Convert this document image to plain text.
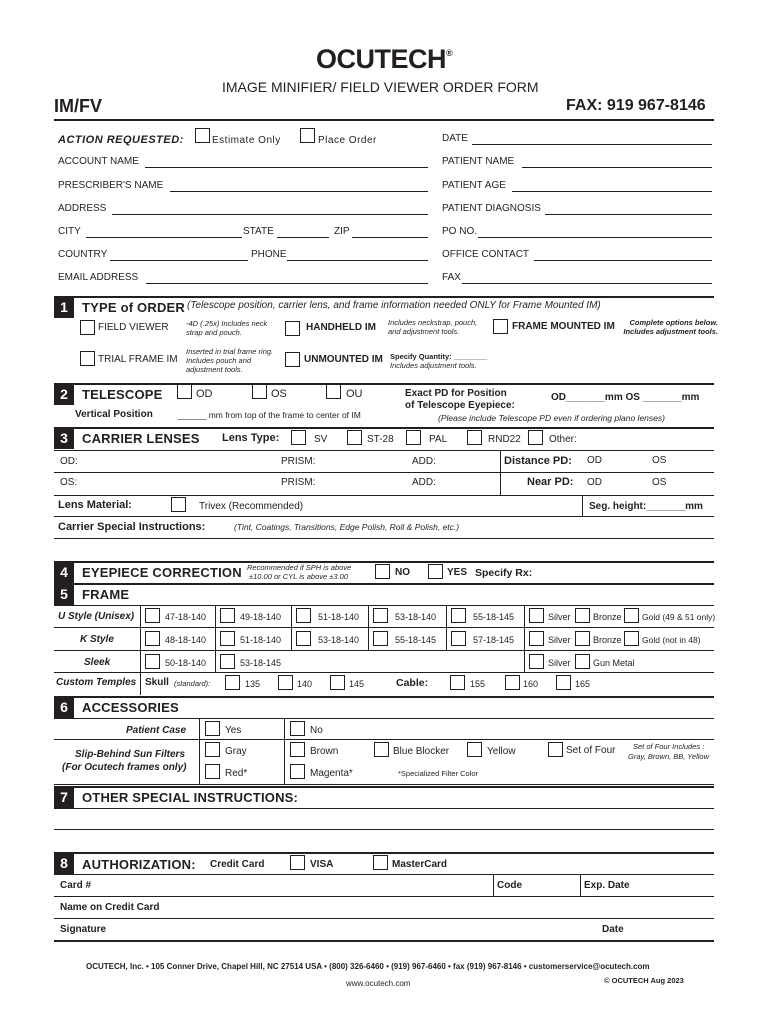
OCUTECH®
IMAGE MINIFIER/ FIELD VIEWER ORDER FORM
IM/FV	FAX: 919 967-8146
ACTION REQUESTED:	Estimate Only	Place Order	DATE
ACCOUNT NAME	PATIENT NAME
PRESCRIBER'S NAME	PATIENT AGE
ADDRESS	PATIENT DIAGNOSIS
CITY	STATE	ZIP	PO NO.
COUNTRY	PHONE	OFFICE CONTACT
EMAIL ADDRESS	FAX
1	TYPE of ORDER (Telescope position, carrier lens, and frame information needed ONLY for Frame Mounted IM)
FIELD VIEWER -4D (.25x) Includes neck strap and pouch.	HANDHELD IM Includes neckstrap, pouch, and adjustment tools.	FRAME MOUNTED IM	Complete options below. Includes adjustment tools.
TRIAL FRAME IM
Inserted in trial frame ring. Includes pouch and adjustment tools.
UNMOUNTED IM Specify Quantity: ________
Includes adjustment tools.
2	TELESCOPE	OD	OS	OU	Exact PD for Position
of Telescope Eyepiece:
OD_______mm OS _______mm
Vertical Position	______ mm from top of the frame to center of IM	(Please include Telescope PD even if ordering plano lenses)
3	CARRIER LENSES Lens Type:	SV	ST-28	PAL	RND22	Other:
OD:	PRISM:	ADD:	Distance PD: OD	OS
OS:	PRISM:	ADD:	Near PD: OD	OS
Lens Material:	Trivex (Recommended)	Seg. height:_______mm
Carrier Special Instructions:	(Tint, Coatings, Transitions, Edge Polish, Roll & Polish, etc.)
4	EYEPIECE CORRECTION Recommended if SPH is above
±10.00 or CYL is above ±3.00	NO	YES Specify Rx:
5	FRAME
U Style (Unisex)	47-18-140	49-18-140	51-18-140	53-18-140	55-18-145	Silver Bronze Gold (49 & 51 only)
K Style	48-18-140	51-18-140	53-18-140	55-18-145	57-18-145	Silver Bronze Gold (not in 48)
Sleek	50-18-140	53-18-145	Silver Gun Metal
Custom Temples Skull (standard):	135	140	145	Cable:	155	160	165
6	ACCESSORIES
Patient Case	Yes	No
Slip-Behind Sun Filters
(For Ocutech frames only)
Gray	Brown	Blue Blocker	Yellow	Set of Four Set of Four Includes :
Gray, Brown, BB, Yellow
Red*	Magenta*	*Specialized Filter Color
7	OTHER SPECIAL INSTRUCTIONS:
8	AUTHORIZATION: Credit Card	VISA	MasterCard
Card #	Code	Exp. Date
Name on Credit Card
Signature	Date
OCUTECH, Inc. • 105 Conner Drive, Chapel Hill, NC 27514 USA • (800) 326-6460 • (919) 967-6460 • fax (919) 967-8146 • customerservice@ocutech.com
www.ocutech.com	© OCUTECH Aug 2023
